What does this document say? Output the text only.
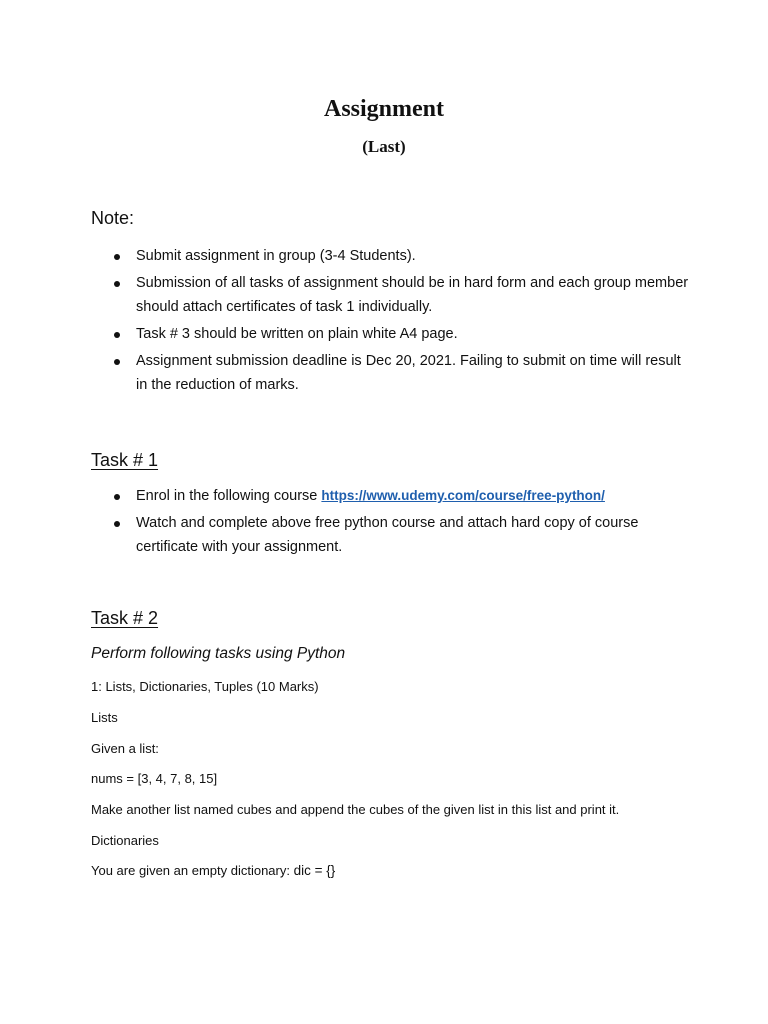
Assignment
(Last)
Note:
Submit assignment in group (3-4 Students).
Submission of all tasks of assignment should be in hard form and each group member should attach certificates of task 1 individually.
Task # 3 should be written on plain white A4 page.
Assignment submission deadline is Dec 20, 2021. Failing to submit on time will result in the reduction of marks.
Task # 1
Enrol in the following course https://www.udemy.com/course/free-python/
Watch and complete above free python course and attach hard copy of course certificate with your assignment.
Task # 2
Perform following tasks using Python
1: Lists, Dictionaries, Tuples (10 Marks)
Lists
Given a list:
nums = [3, 4, 7, 8, 15]
Make another list named cubes and append the cubes of the given list in this list and print it.
Dictionaries
You are given an empty dictionary: dic = {}
